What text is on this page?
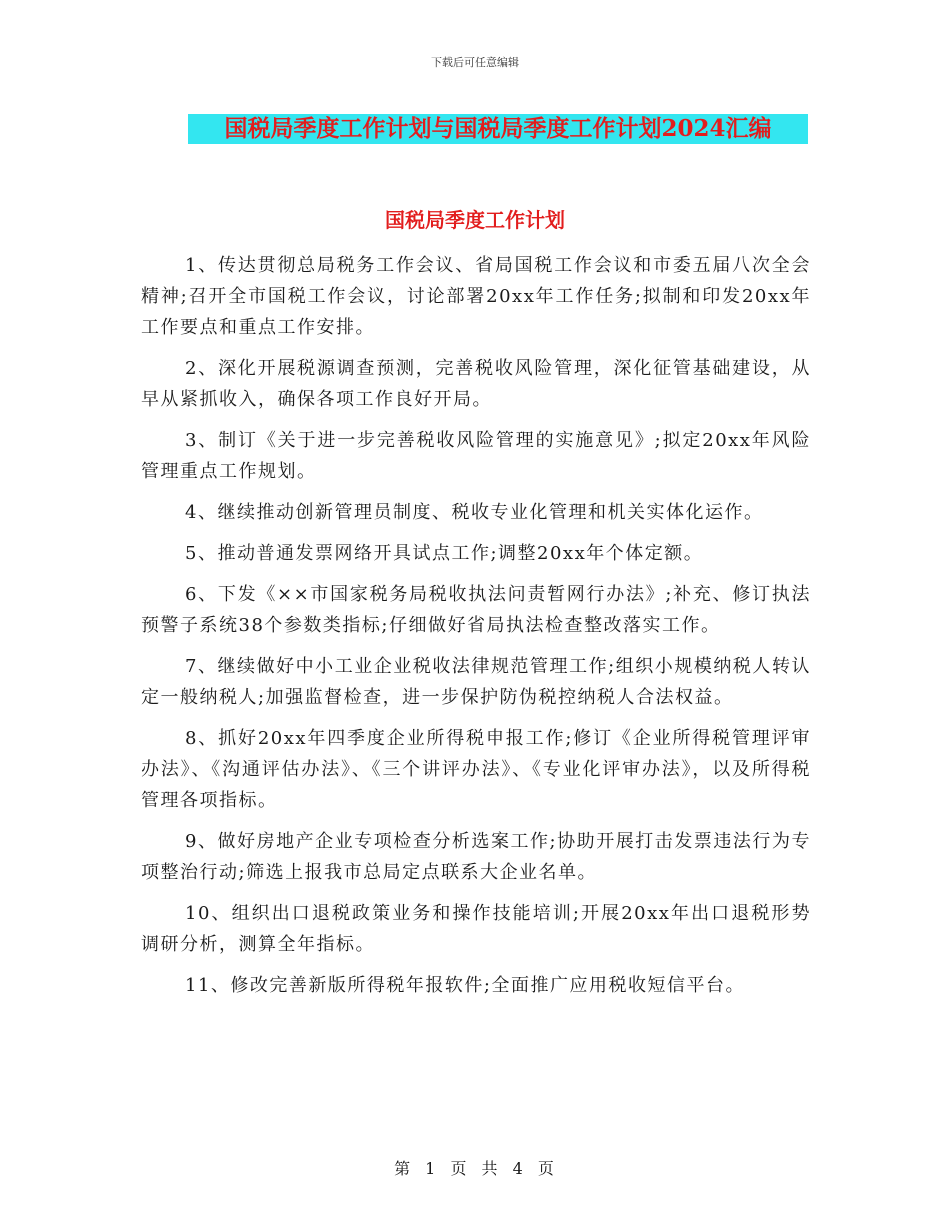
下载后可任意编辑
国税局季度工作计划与国税局季度工作计划2024汇编
国税局季度工作计划

1、传达贯彻总局税务工作会议、省局国税工作会议和市委五届八次全会精神;召开全市国税工作会议，讨论部署20xx年工作任务;拟制和印发20xx年工作要点和重点工作安排。

2、深化开展税源调查预测，完善税收风险管理，深化征管基础建设，从早从紧抓收入，确保各项工作良好开局。

3、制订《关于进一步完善税收风险管理的实施意见》;拟定20xx年风险管理重点工作规划。

4、继续推动创新管理员制度、税收专业化管理和机关实体化运作。

5、推动普通发票网络开具试点工作;调整20xx年个体定额。

6、下发《××市国家税务局税收执法问责暂网行办法》;补充、修订执法预警子系统38个参数类指标;仔细做好省局执法检查整改落实工作。

7、继续做好中小工业企业税收法律规范管理工作;组织小规模纳税人转认定一般纳税人;加强监督检查，进一步保护防伪税控纳税人合法权益。

8、抓好20xx年四季度企业所得税申报工作;修订《企业所得税管理评审办法》、《沟通评估办法》、《三个讲评办法》、《专业化评审办法》，以及所得税管理各项指标。

9、做好房地产企业专项检查分析选案工作;协助开展打击发票违法行为专项整治行动;筛选上报我市总局定点联系大企业名单。

10、组织出口退税政策业务和操作技能培训;开展20xx年出口退税形势调研分析，测算全年指标。

11、修改完善新版所得税年报软件;全面推广应用税收短信平台。

第 1 页 共 4 页
